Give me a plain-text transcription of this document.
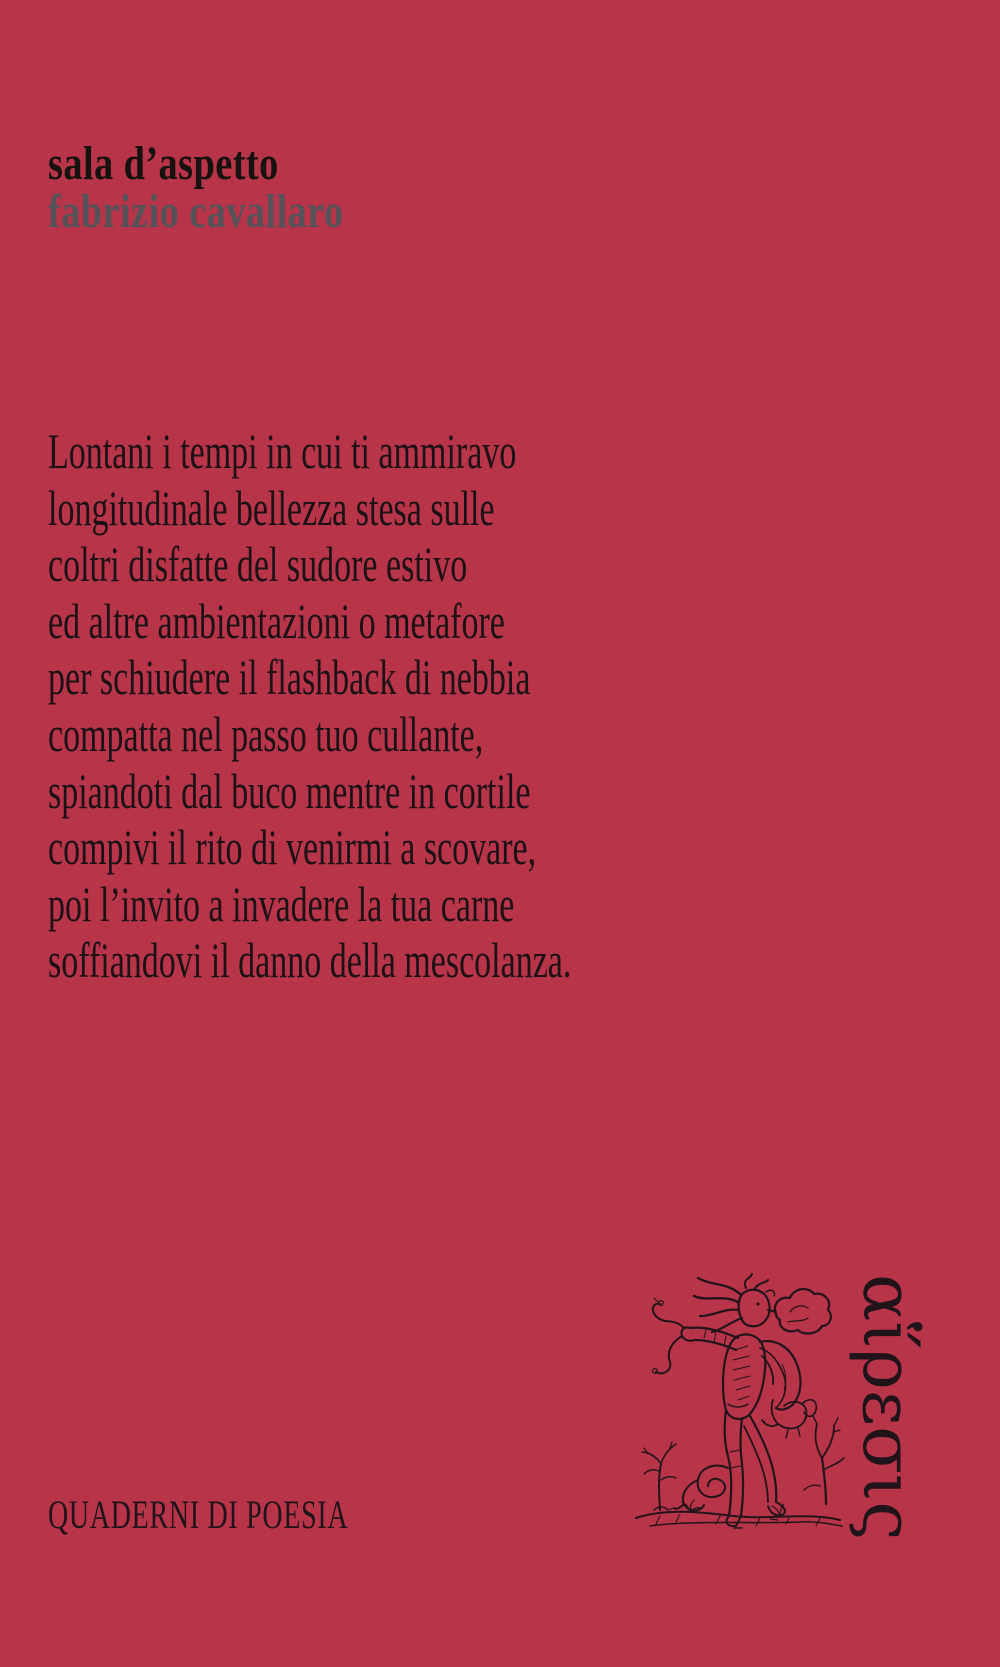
sala d’aspetto
fabrizio cavallaro
Lontani i tempi in cui ti ammiravo
longitudinale bellezza stesa sulle
coltri disfatte del sudore estivo
ed altre ambientazioni o metafore
per schiudere il flashback di nebbia
compatta nel passo tuo cullante,
spiandoti dal buco mentre in cortile
compivi il rito di venirmi a scovare,
poi l’invito a invadere la tua carne
soffiandovi il danno della mescolanza.
QUADERNI DI POESIA	αἵρεσις
